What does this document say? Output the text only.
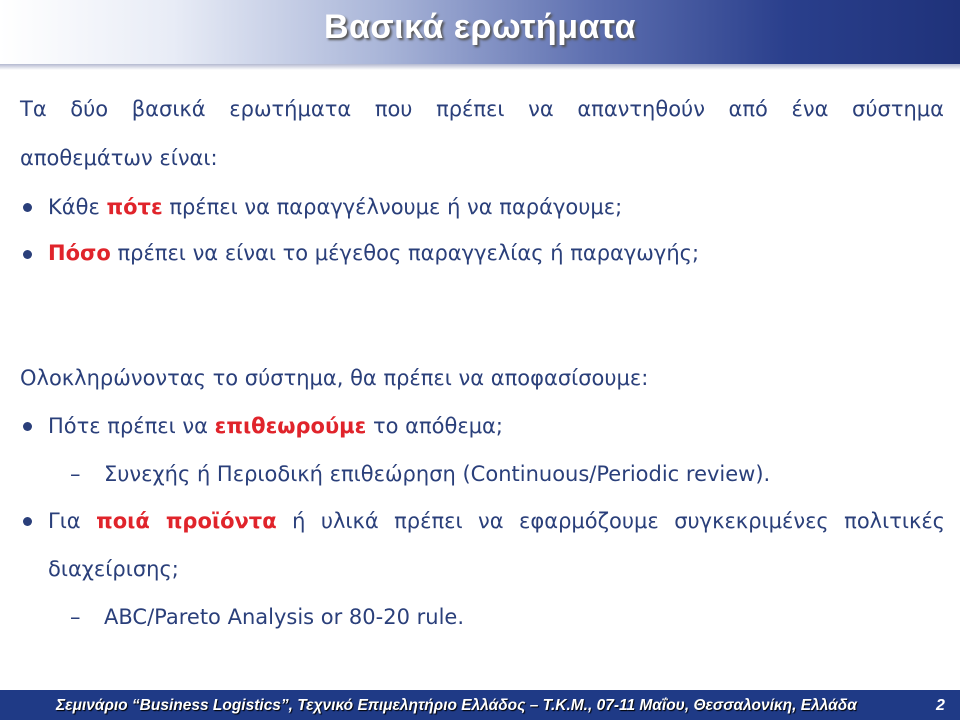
Βασικά ερωτήματα
Τα δύο βασικά ερωτήματα που πρέπει να απαντηθούν από ένα σύστημα
αποθεμάτων είναι:
Κάθε πότε πρέπει να παραγγέλνουμε ή να παράγουμε;
Πόσο πρέπει να είναι το μέγεθος παραγγελίας ή παραγωγής;
Ολοκληρώνοντας το σύστημα, θα πρέπει να αποφασίσουμε:
Πότε πρέπει να επιθεωρούμε το απόθεμα;
– Συνεχής ή Περιοδική επιθεώρηση (Continuous/Periodic review).
Για ποιά προϊόντα ή υλικά πρέπει να εφαρμόζουμε συγκεκριμένες πολιτικές
διαχείρισης;
– ABC/Pareto Analysis or 80-20 rule.
Σεμινάριο “Business Logistics”, Τεχνικό Επιμελητήριο Ελλάδος – Τ.Κ.Μ., 07-11 Μαΐου, Θεσσαλονίκη, Ελλάδα	2
